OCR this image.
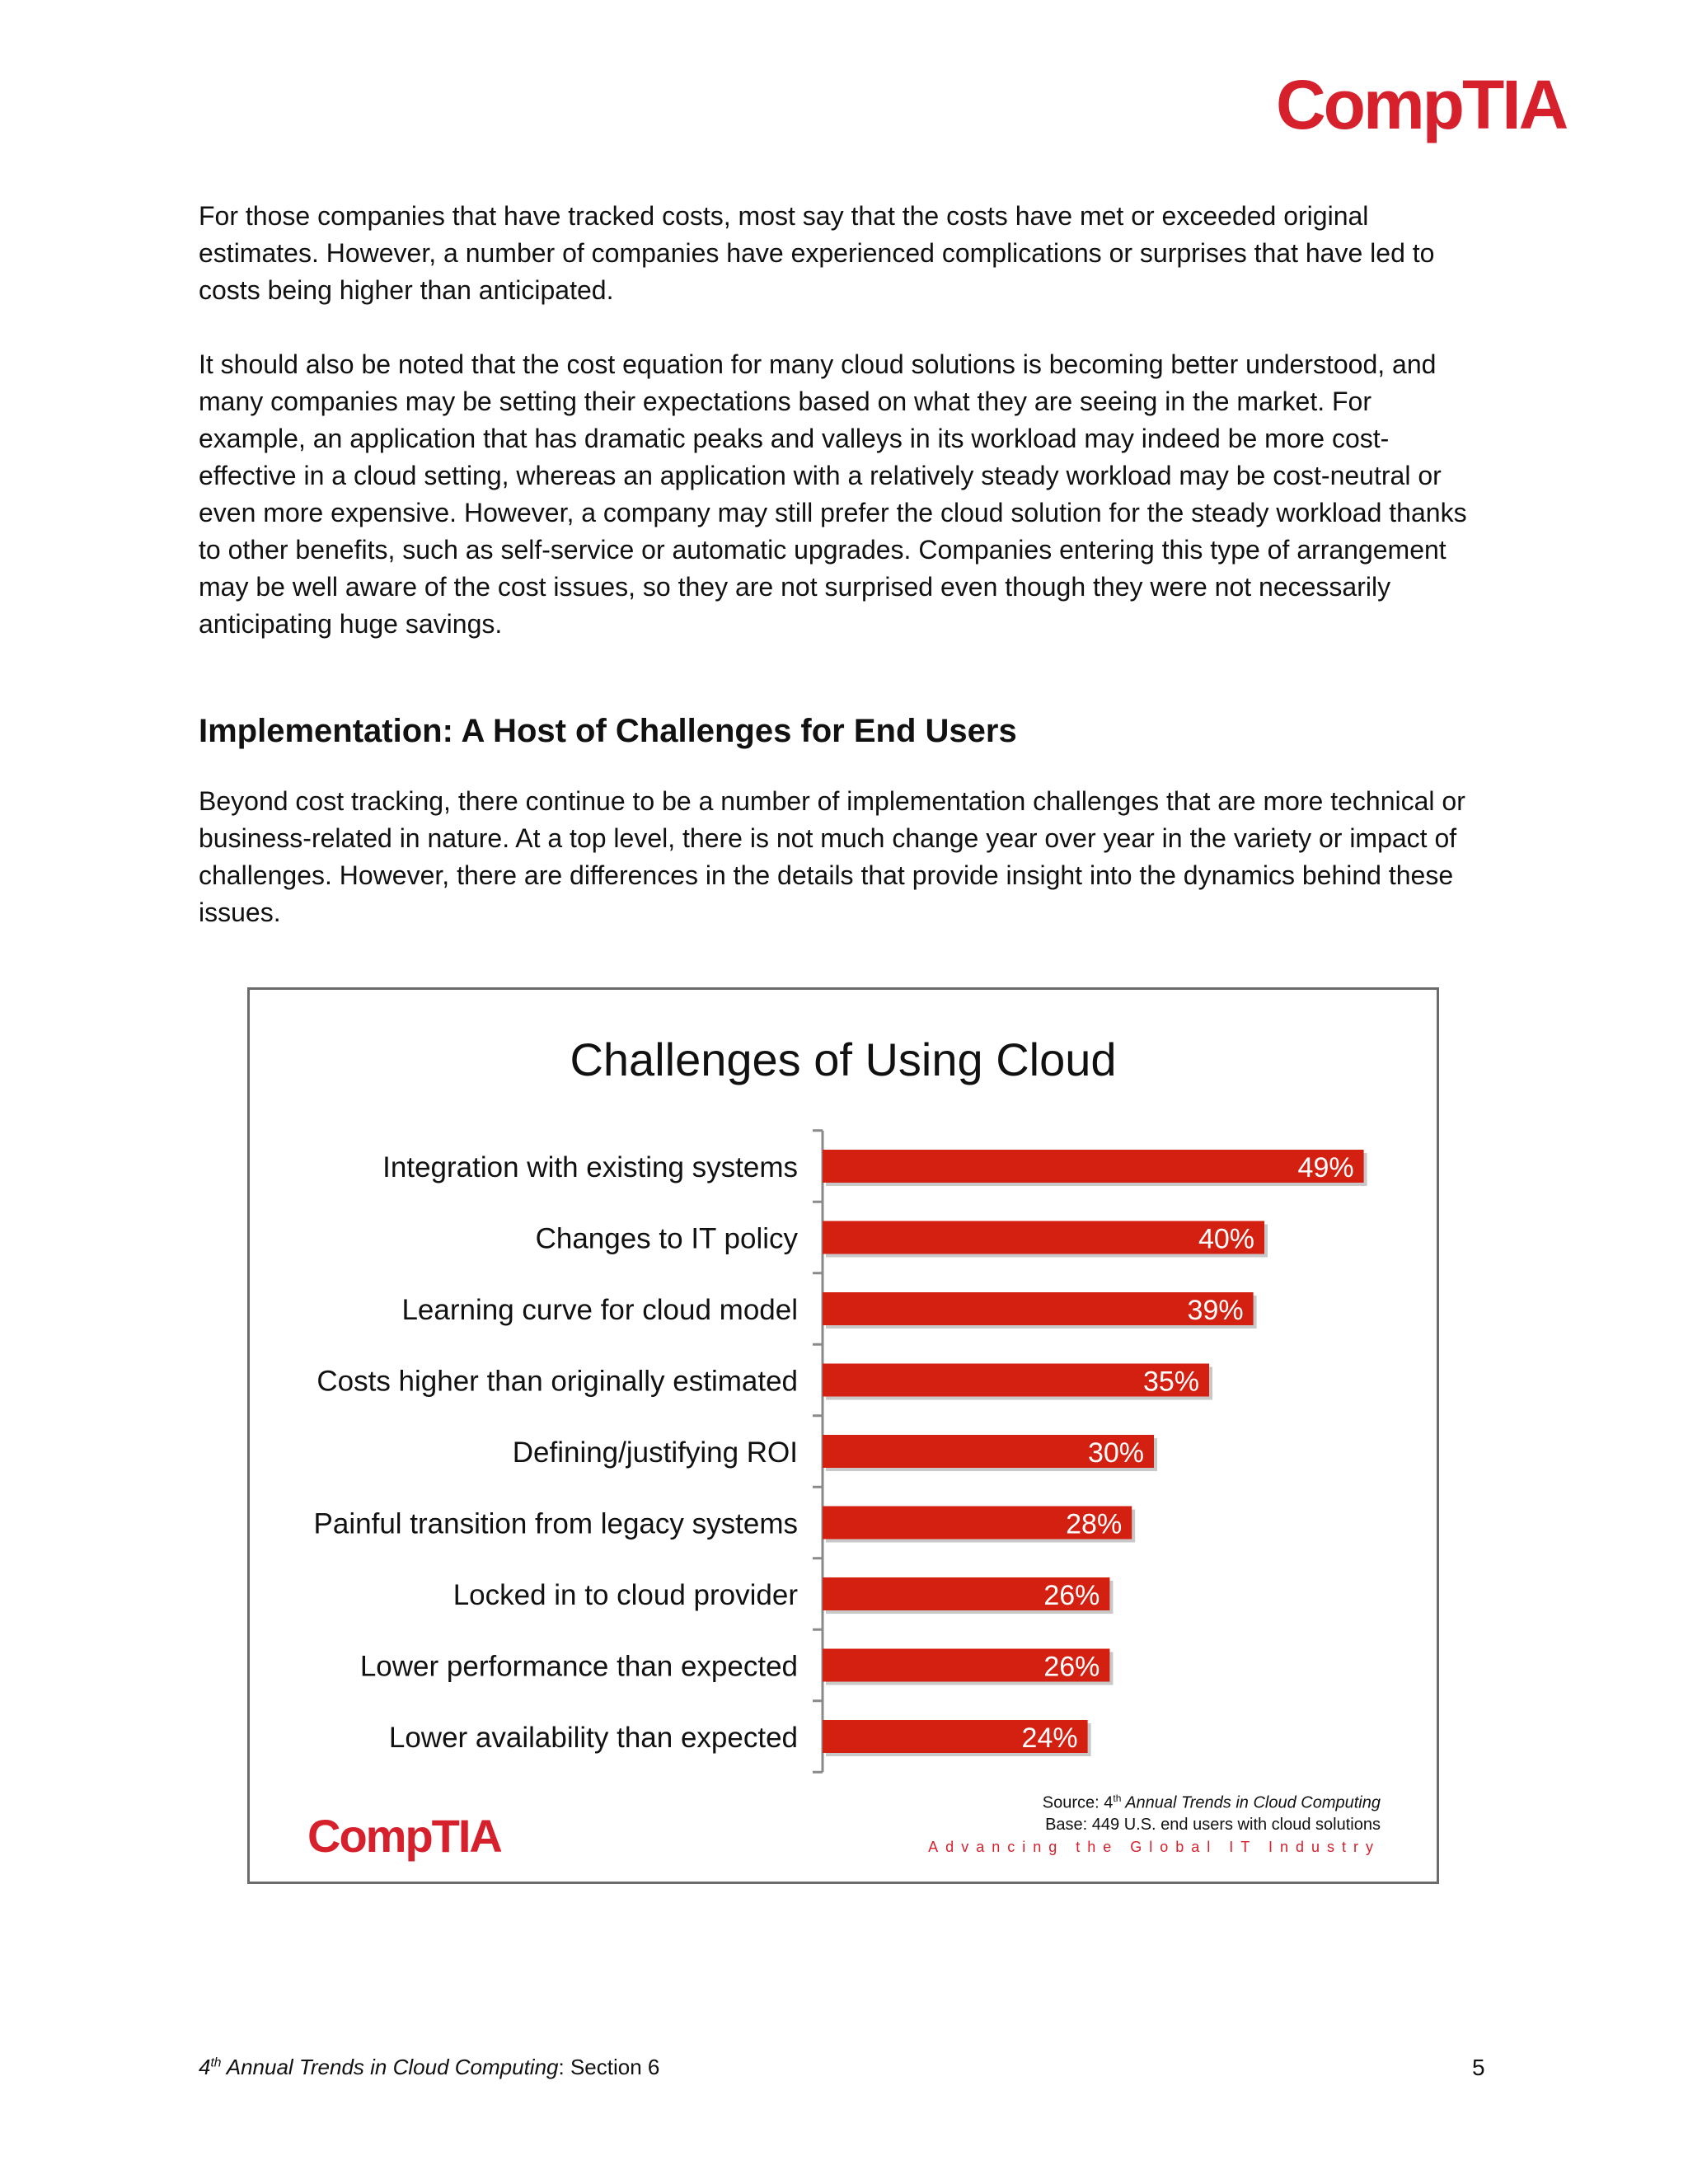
CompTIA

For those companies that have tracked costs, most say that the costs have met or exceeded original estimates. However, a number of companies have experienced complications or surprises that have led to costs being higher than anticipated.

It should also be noted that the cost equation for many cloud solutions is becoming better understood, and many companies may be setting their expectations based on what they are seeing in the market. For example, an application that has dramatic peaks and valleys in its workload may indeed be more cost-effective in a cloud setting, whereas an application with a relatively steady workload may be cost-neutral or even more expensive. However, a company may still prefer the cloud solution for the steady workload thanks to other benefits, such as self-service or automatic upgrades. Companies entering this type of arrangement may be well aware of the cost issues, so they are not surprised even though they were not necessarily anticipating huge savings.

Implementation: A Host of Challenges for End Users

Beyond cost tracking, there continue to be a number of implementation challenges that are more technical or business-related in nature. At a top level, there is not much change year over year in the variety or impact of challenges. However, there are differences in the details that provide insight into the dynamics behind these issues.

Challenges of Using Cloud
Integration with existing systems	49%
Changes to IT policy	40%
Learning curve for cloud model	39%
Costs higher than originally estimated	35%
Defining/justifying ROI	30%
Painful transition from legacy systems	28%
Locked in to cloud provider	26%
Lower performance than expected	26%
Lower availability than expected	24%
CompTIA
Source: 4th Annual Trends in Cloud Computing
Base: 449 U.S. end users with cloud solutions
Advancing the Global IT Industry
4th Annual Trends in Cloud Computing: Section 6	5
